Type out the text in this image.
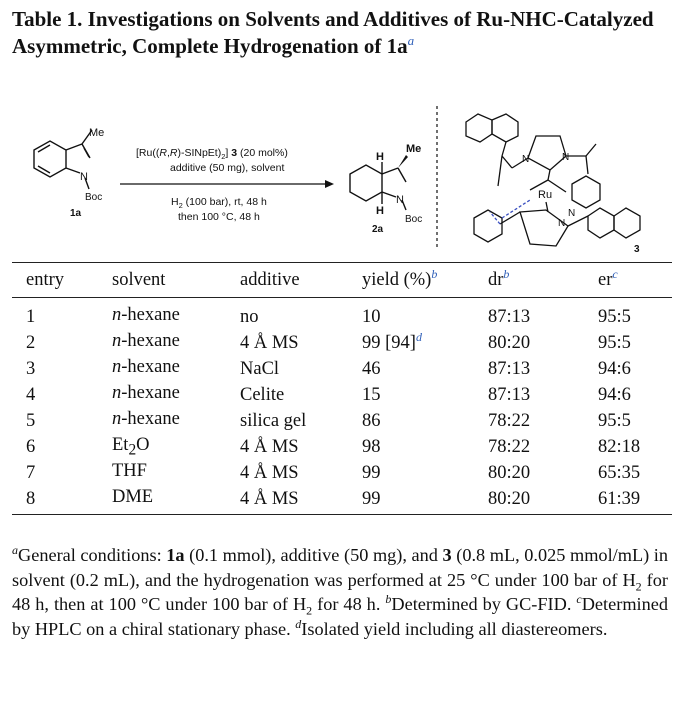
Table 1. Investigations on Solvents and Additives of Ru-NHC-Catalyzed Asymmetric, Complete Hydrogenation of $1a^a$
Me
N
Boc
1a
$[Ru((R,R)-SINpEt)_2]$ 3 (20 mol%)
additive (50 mg), solvent
$H_2$ (100 bar), rt, 48 h
then 100 °C, 48 h
H
H
Me
N
Boc
2a
Ru
N	N
N
N
3
entry	solvent	additive	yield (%)$^b$	$dr^b$	$er^c$
1	n-hexane	no	10	87:13	95:5
2	n-hexane	4 Å MS	99 $[94]^d$	80:20	95:5
3	n-hexane	NaCl	46	87:13	94:6
4	n-hexane	Celite	15	87:13	94:6
5	n-hexane	silica gel	86	78:22	95:5
6	$Et_2O$	4 Å MS	98	78:22	82:18
7	THF	4 Å MS	99	80:20	65:35
8	DME	4 Å MS	99	80:20	61:39
$^a$General conditions: 1a (0.1 mmol), additive (50 mg), and 3 (0.8 mL, 0.025 mmol/mL) in solvent (0.2 mL), and the hydrogenation was performed at 25 °C under 100 bar of $H_2$ for 48 h, then at 100 °C under 100 bar of $H_2$ for 48 h. $^b$Determined by GC-FID. $^c$Determined by HPLC on a chiral stationary phase. $^d$Isolated yield including all diastereomers.
